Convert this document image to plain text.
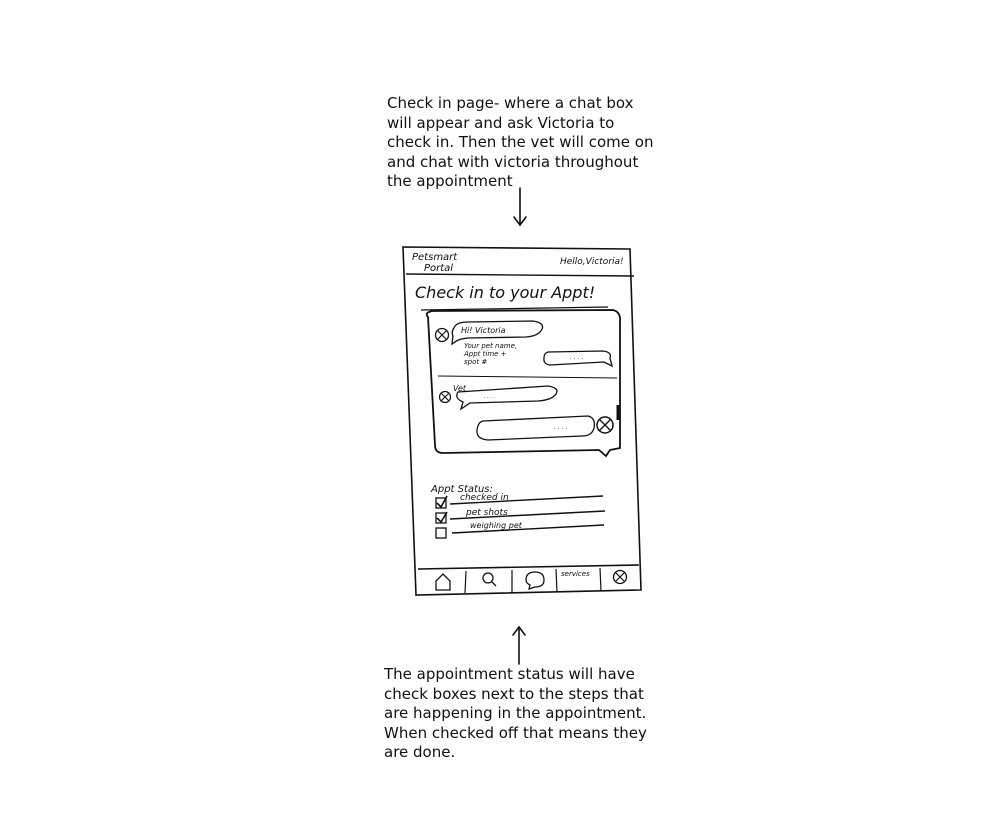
Check in page- where a chat box
will appear and ask Victoria to
check in. Then the vet will come on
and chat with victoria throughout
the appointment

Petsmart
Portal
Hello,Victoria!
Check in to your Appt!
Hi! Victoria
Your pet name,
Appt time +
spot #
. . . .
Vet
. . . .
. . . .
Appt Status:
checked in
pet shots
weighing pet
services

The appointment status will have
check boxes next to the steps that
are happening in the appointment.
When checked off that means they
are done.
